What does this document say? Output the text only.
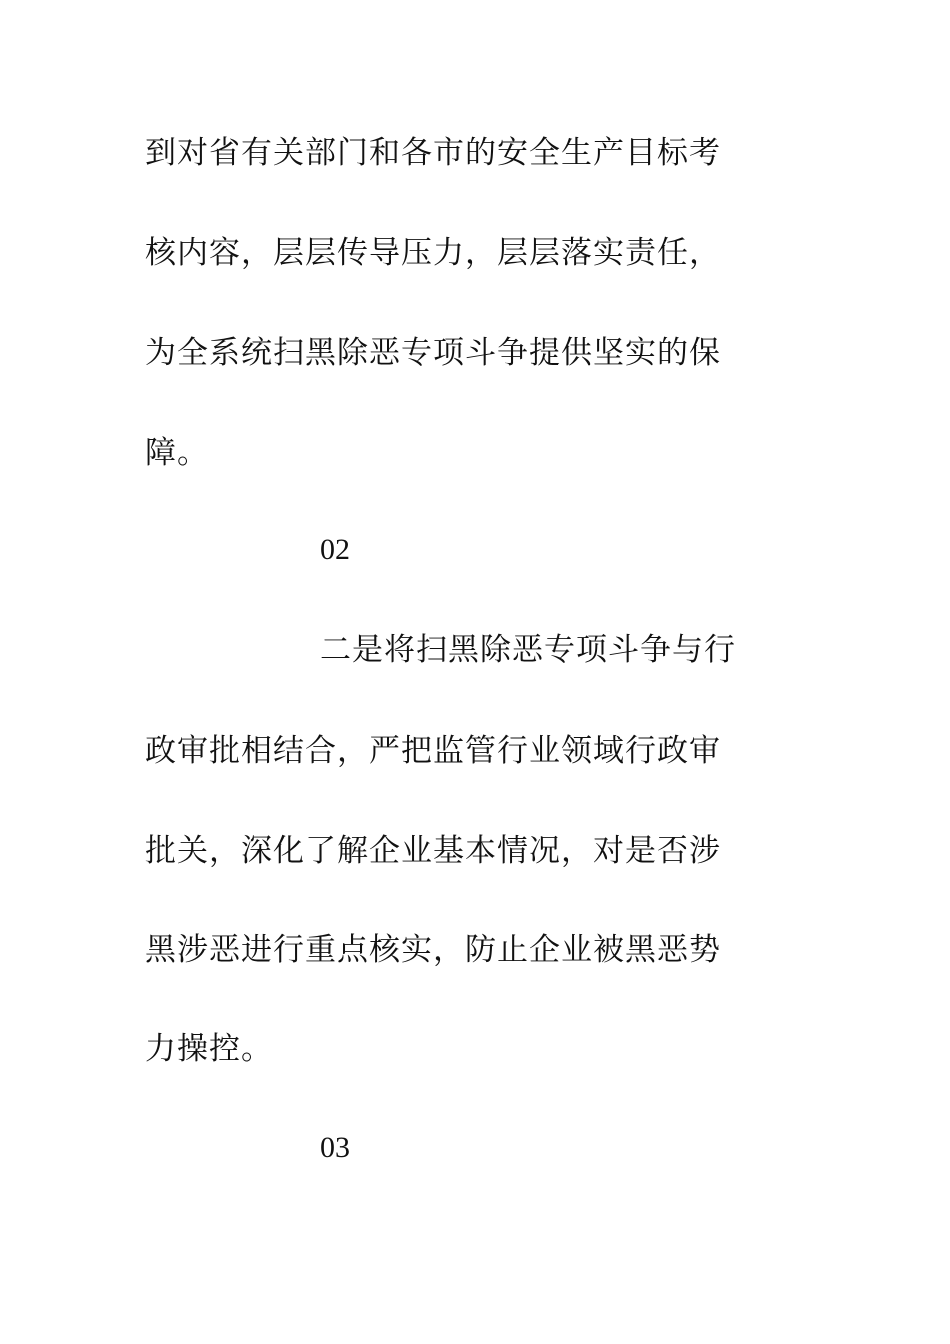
到对省有关部门和各市的安全生产目标考
核内容，层层传导压力，层层落实责任，
为全系统扫黑除恶专项斗争提供坚实的保
障。
02
二是将扫黑除恶专项斗争与行
政审批相结合，严把监管行业领域行政审
批关，深化了解企业基本情况，对是否涉
黑涉恶进行重点核实，防止企业被黑恶势
力操控。
03
